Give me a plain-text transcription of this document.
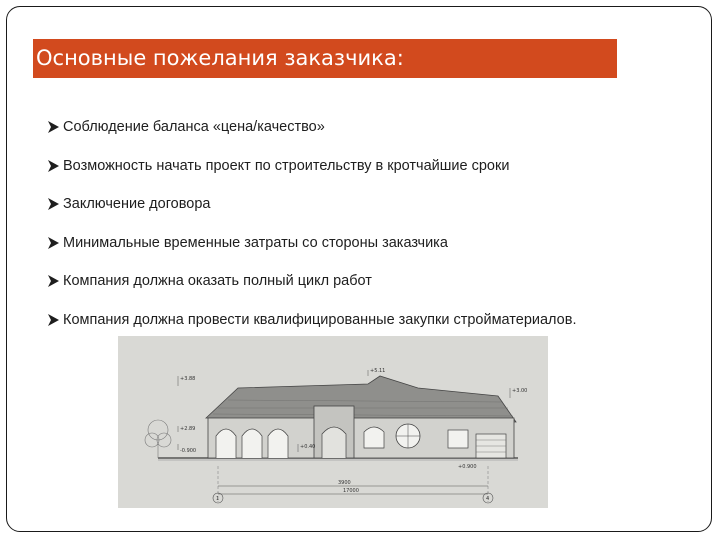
Основные пожелания заказчика:
Соблюдение баланса «цена/качество»
Возможность начать проект по строительству в кротчайшие сроки
Заключение договора
Минимальные временные затраты со стороны заказчика
Компания должна оказать полный цикл работ
Компания должна провести квалифицированные закупки стройматериалов.
+5.11
+3.88
+3.00
-0.900
+2.89
+0.40
+0.900
3900
17000
1	4
